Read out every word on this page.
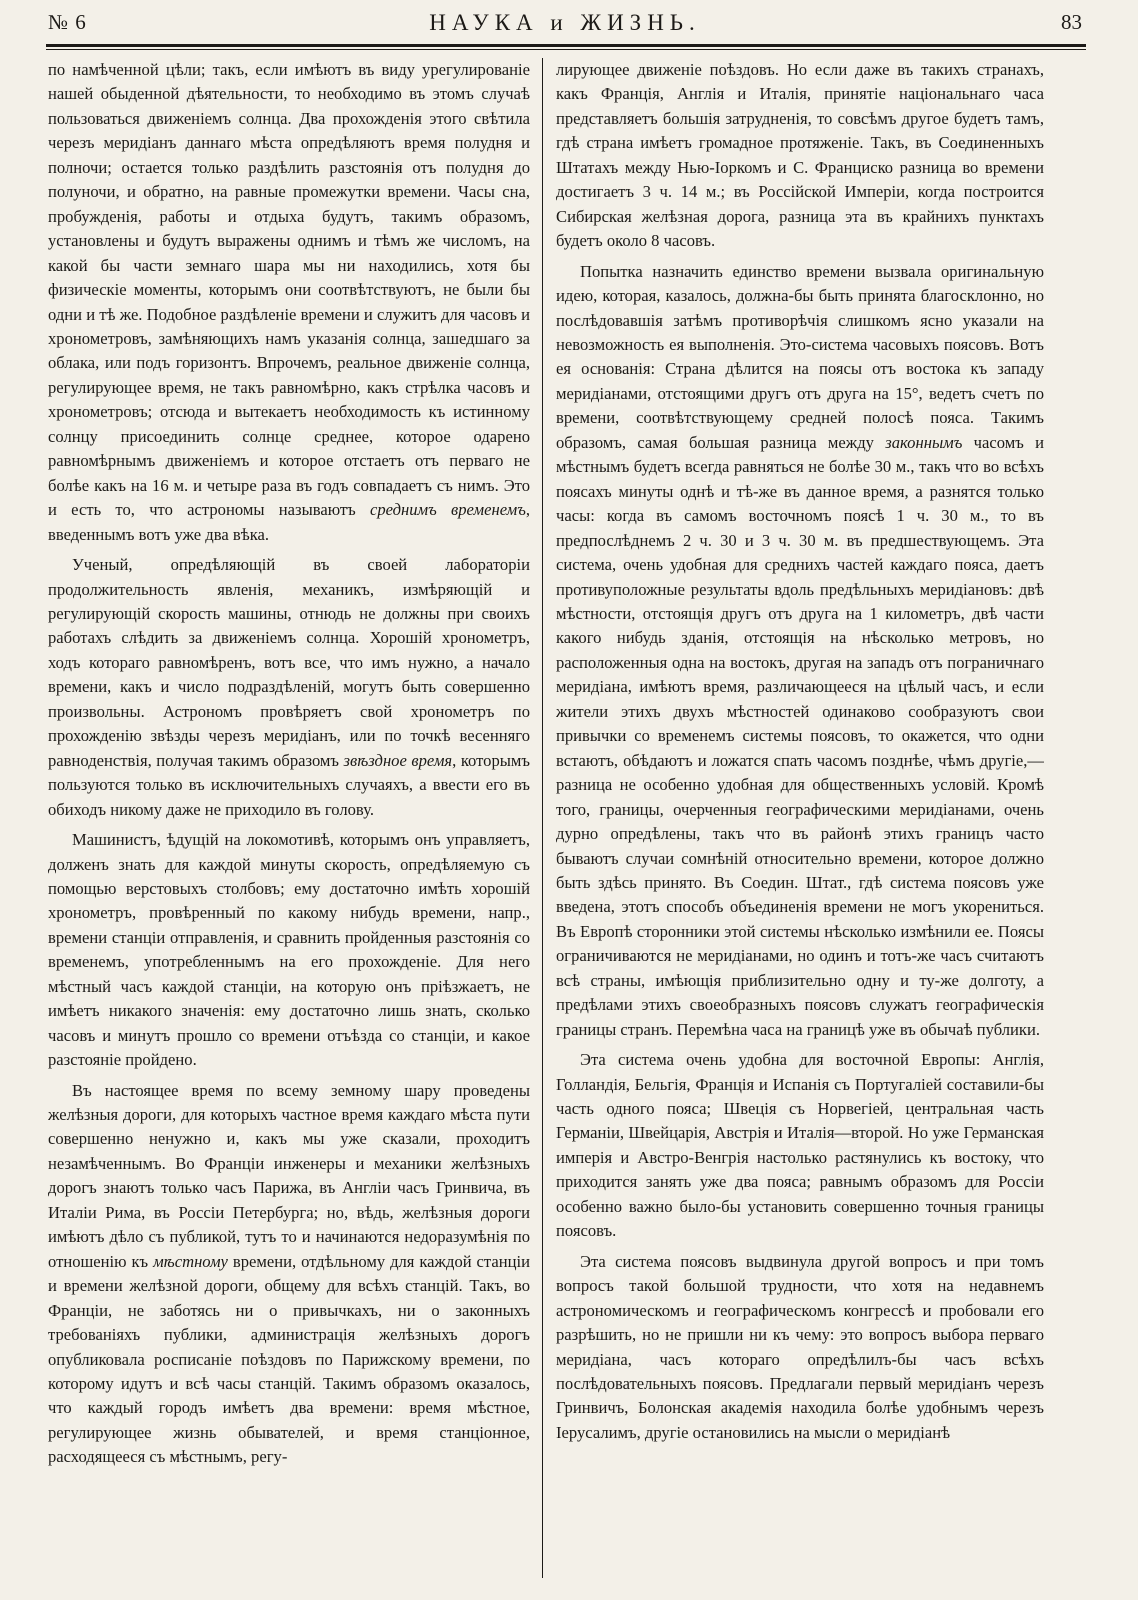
№ 6	НАУКА и ЖИЗНЬ.	83

по намѣченной цѣли; такъ, если имѣютъ въ виду урегулированіе нашей обыденной дѣятельности, то необходимо въ этомъ случаѣ пользоваться движеніемъ солнца. Два прохожденія этого свѣтила черезъ меридіанъ даннаго мѣста опредѣляютъ время полудня и полночи; остается только раздѣлить разстоянія отъ полудня до полуночи, и обратно, на равные промежутки времени. Часы сна, пробужденія, работы и отдыха будутъ, такимъ образомъ, установлены и будутъ выражены однимъ и тѣмъ же числомъ, на какой бы части земнаго шара мы ни находились, хотя бы физическіе моменты, которымъ они соотвѣтствуютъ, не были бы одни и тѣ же. Подобное раздѣленіе времени и служитъ для часовъ и хронометровъ, замѣняющихъ намъ указанія солнца, зашедшаго за облака, или подъ горизонтъ. Впрочемъ, реальное движеніе солнца, регулирующее время, не такъ равномѣрно, какъ стрѣлка часовъ и хронометровъ; отсюда и вытекаетъ необходимость къ истинному солнцу присоединить солнце среднее, которое одарено равномѣрнымъ движеніемъ и которое отстаетъ отъ перваго не болѣе какъ на 16 м. и четыре раза въ годъ совпадаетъ съ нимъ. Это и есть то, что астрономы называютъ среднимъ временемъ, введеннымъ вотъ уже два вѣка.

Ученый, опредѣляющій въ своей лабораторіи продолжительность явленія, механикъ, измѣряющій и регулирующій скорость машины, отнюдь не должны при своихъ работахъ слѣдить за движеніемъ солнца. Хорошій хронометръ, ходъ котораго равномѣренъ, вотъ все, что имъ нужно, а начало времени, какъ и число подраздѣленій, могутъ быть совершенно произвольны. Астрономъ провѣряетъ свой хронометръ по прохожденію звѣзды черезъ меридіанъ, или по точкѣ весенняго равноденствія, получая такимъ образомъ звѣздное время, которымъ пользуются только въ исключительныхъ случаяхъ, а ввести его въ обиходъ никому даже не приходило въ голову.

Машинистъ, ѣдущій на локомотивѣ, которымъ онъ управляетъ, долженъ знать для каждой минуты скорость, опредѣляемую съ помощью верстовыхъ столбовъ; ему достаточно имѣть хорошій хронометръ, провѣренный по какому нибудь времени, напр., времени станціи отправленія, и сравнить пройденныя разстоянія со временемъ, употребленнымъ на его прохожденіе. Для него мѣстный часъ каждой станціи, на которую онъ пріѣзжаетъ, не имѣетъ никакого значенія: ему достаточно лишь знать, сколько часовъ и минутъ прошло со времени отъѣзда со станціи, и какое разстояніе пройдено.

Въ настоящее время по всему земному шару проведены желѣзныя дороги, для которыхъ частное время каждаго мѣста пути совершенно ненужно и, какъ мы уже сказали, проходитъ незамѣченнымъ. Во Франціи инженеры и механики желѣзныхъ дорогъ знаютъ только часъ Парижа, въ Англіи часъ Гринвича, въ Италіи Рима, въ Россіи Петербурга; но, вѣдь, желѣзныя дороги имѣютъ дѣло съ публикой, тутъ то и начинаются недоразумѣнія по отношенію къ мѣстному времени, отдѣльному для каждой станціи и времени желѣзной дороги, общему для всѣхъ станцій. Такъ, во Франціи, не заботясь ни о привычкахъ, ни о законныхъ требованіяхъ публики, администрація желѣзныхъ дорогъ опубликовала росписаніе поѣздовъ по Парижскому времени, по которому идутъ и всѣ часы станцій. Такимъ образомъ оказалось, что каждый городъ имѣетъ два времени: время мѣстное, регулирующее жизнь обывателей, и время станціонное, расходящееся съ мѣстнымъ, регу-

лирующее движеніе поѣздовъ. Но если даже въ такихъ странахъ, какъ Франція, Англія и Италія, принятіе національнаго часа представляетъ большія затрудненія, то совсѣмъ другое будетъ тамъ, гдѣ страна имѣетъ громадное протяженіе. Такъ, въ Соединенныхъ Штатахъ между Нью-Іоркомъ и С. Франциско разница во времени достигаетъ 3 ч. 14 м.; въ Россійской Имперіи, когда построится Сибирская желѣзная дорога, разница эта въ крайнихъ пунктахъ будетъ около 8 часовъ.

Попытка назначить единство времени вызвала оригинальную идею, которая, казалось, должна-бы быть принята благосклонно, но послѣдовавшія затѣмъ противорѣчія слишкомъ ясно указали на невозможность ея выполненія. Это-система часовыхъ поясовъ. Вотъ ея основанія: Страна дѣлится на поясы отъ востока къ западу меридіанами, отстоящими другъ отъ друга на 15°, ведетъ счетъ по времени, соотвѣтствующему средней полосѣ пояса. Такимъ образомъ, самая большая разница между законнымъ часомъ и мѣстнымъ будетъ всегда равняться не болѣе 30 м., такъ что во всѣхъ поясахъ минуты однѣ и тѣ-же въ данное время, а разнятся только часы: когда въ самомъ восточномъ поясѣ 1 ч. 30 м., то въ предпослѣднемъ 2 ч. 30 и 3 ч. 30 м. въ предшествующемъ. Эта система, очень удобная для среднихъ частей каждаго пояса, даетъ противуположные результаты вдоль предѣльныхъ меридіановъ: двѣ мѣстности, отстоящія другъ отъ друга на 1 километръ, двѣ части какого нибудь зданія, отстоящія на нѣсколько метровъ, но расположенныя одна на востокъ, другая на западъ отъ пограничнаго меридіана, имѣютъ время, различающееся на цѣлый часъ, и если жители этихъ двухъ мѣстностей одинаково сообразуютъ свои привычки со временемъ системы поясовъ, то окажется, что одни встаютъ, обѣдаютъ и ложатся спать часомъ позднѣе, чѣмъ другіе,—разница не особенно удобная для общественныхъ условій. Кромѣ того, границы, очерченныя географическими меридіанами, очень дурно опредѣлены, такъ что въ районѣ этихъ границъ часто бываютъ случаи сомнѣній относительно времени, которое должно быть здѣсь принято. Въ Соедин. Штат., гдѣ система поясовъ уже введена, этотъ способъ объединенія времени не могъ укорениться. Въ Европѣ сторонники этой системы нѣсколько измѣнили ее. Поясы ограничиваются не меридіанами, но одинъ и тотъ-же часъ считаютъ всѣ страны, имѣющія приблизительно одну и ту-же долготу, а предѣлами этихъ своеобразныхъ поясовъ служатъ географическія границы странъ. Перемѣна часа на границѣ уже въ обычаѣ публики.

Эта система очень удобна для восточной Европы: Англія, Голландія, Бельгія, Франція и Испанія съ Португаліей составили-бы часть одного пояса; Швеція съ Норвегіей, центральная часть Германіи, Швейцарія, Австрія и Италія—второй. Но уже Германская имперія и Австро-Венгрія настолько растянулись къ востоку, что приходится занять уже два пояса; равнымъ образомъ для Россіи особенно важно было-бы установить совершенно точныя границы поясовъ.

Эта система поясовъ выдвинула другой вопросъ и при томъ вопросъ такой большой трудности, что хотя на недавнемъ астрономическомъ и географическомъ конгрессѣ и пробовали его разрѣшить, но не пришли ни къ чему: это вопросъ выбора перваго меридіана, часъ котораго опредѣлилъ-бы часъ всѣхъ послѣдовательныхъ поясовъ. Предлагали первый меридіанъ черезъ Гринвичъ, Болонская академія находила болѣе удобнымъ черезъ Іерусалимъ, другіе остановились на мысли о меридіанѣ
